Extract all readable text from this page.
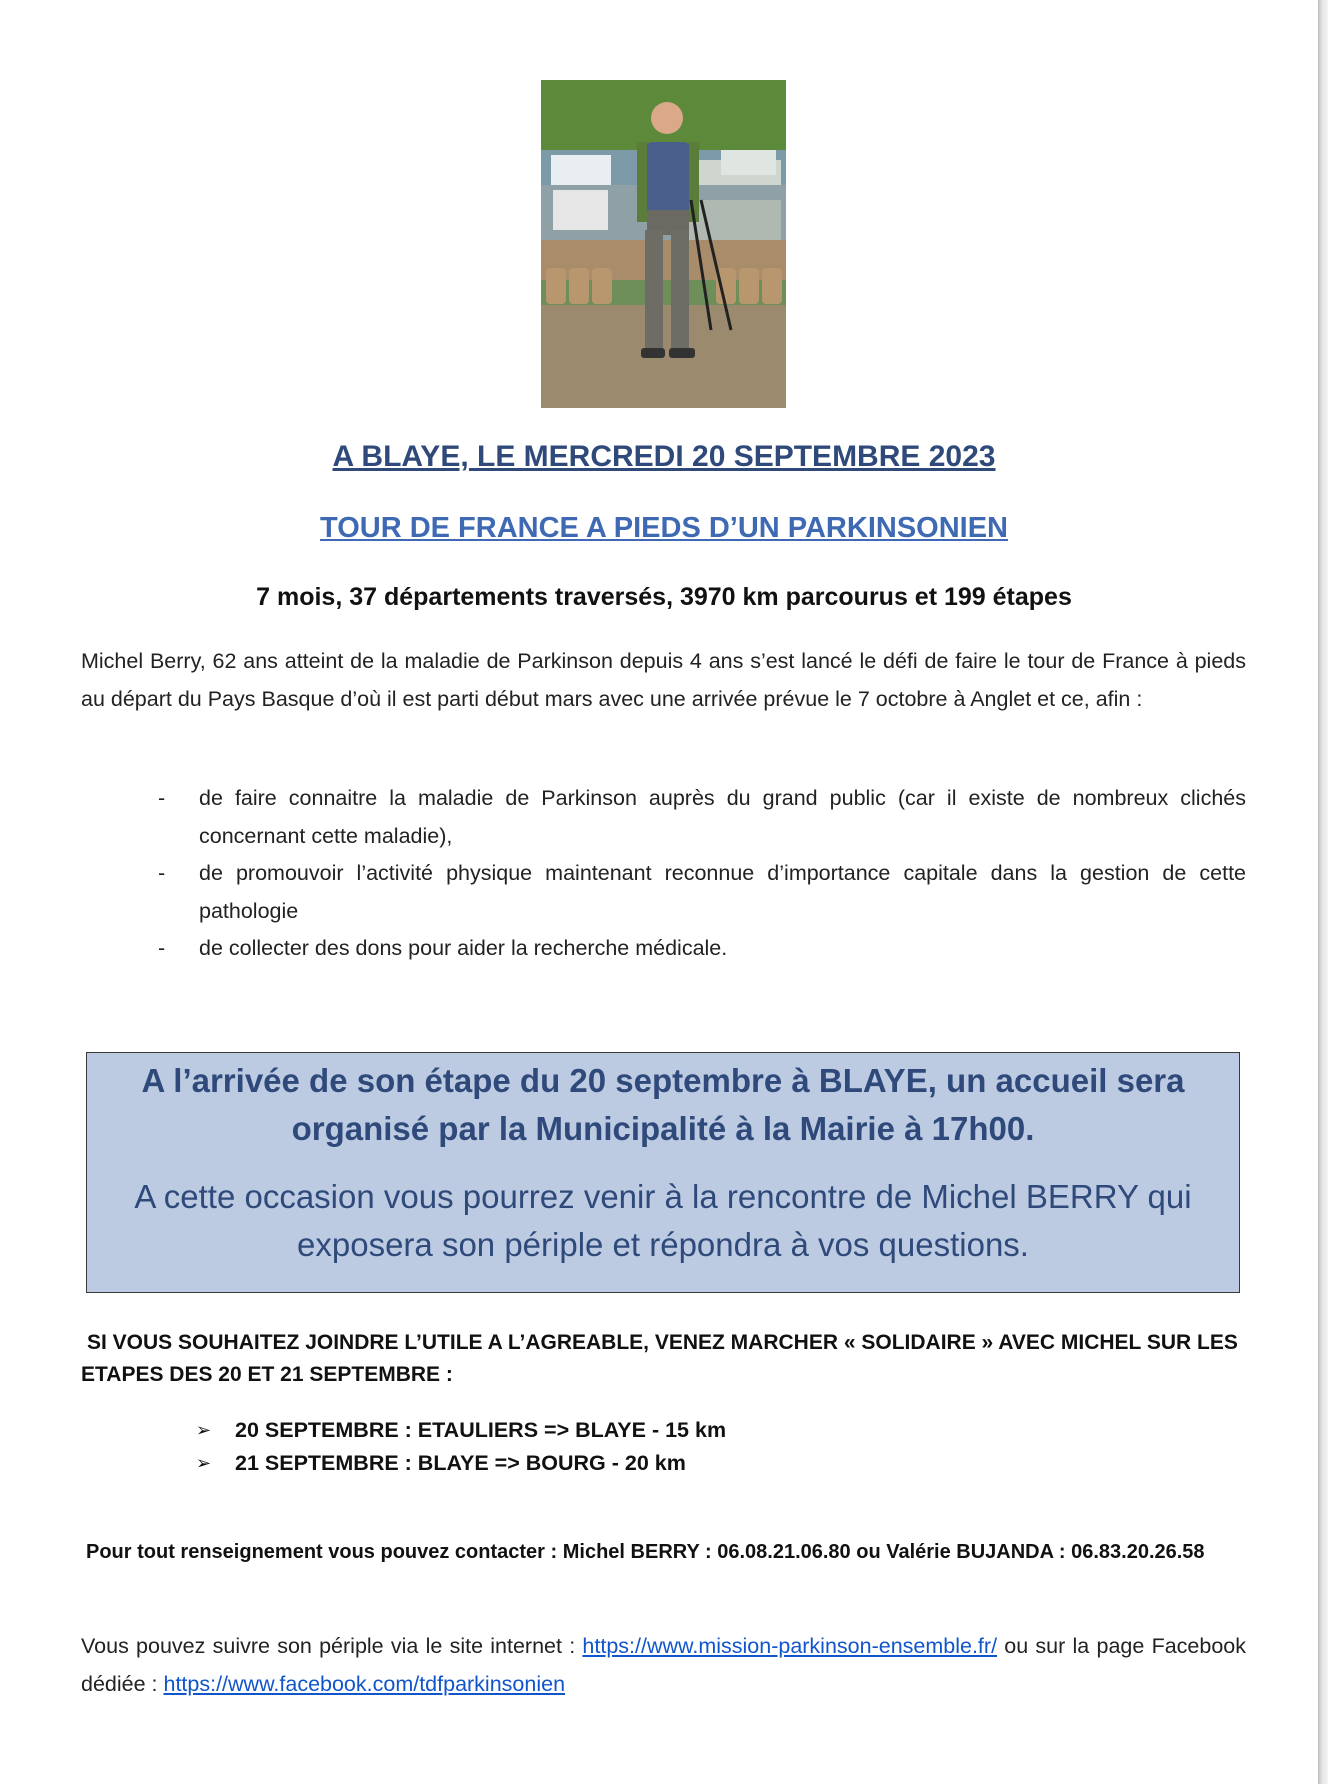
A BLAYE, LE MERCREDI 20 SEPTEMBRE 2023
TOUR DE FRANCE A PIEDS D’UN PARKINSONIEN
7 mois, 37 départements traversés, 3970 km parcourus et 199 étapes
Michel Berry, 62 ans atteint de la maladie de Parkinson depuis 4 ans s’est lancé le défi de faire le tour de France à pieds au départ du Pays Basque d’où il est parti début mars avec une arrivée prévue le 7 octobre à Anglet et ce, afin :
- de faire connaitre la maladie de Parkinson auprès du grand public (car il existe de nombreux clichés concernant cette maladie),
- de promouvoir l’activité physique maintenant reconnue d’importance capitale dans la gestion de cette pathologie
- de collecter des dons pour aider la recherche médicale.
A l’arrivée de son étape du 20 septembre à BLAYE, un accueil sera organisé par la Municipalité à la Mairie à 17h00.
A cette occasion vous pourrez venir à la rencontre de Michel BERRY qui exposera son périple et répondra à vos questions.
SI VOUS SOUHAITEZ JOINDRE L’UTILE A L’AGREABLE, VENEZ MARCHER « SOLIDAIRE » AVEC MICHEL SUR LES ETAPES DES 20 ET 21 SEPTEMBRE :
➢ 20 SEPTEMBRE : ETAULIERS => BLAYE - 15 km
➢ 21 SEPTEMBRE : BLAYE => BOURG - 20 km
Pour tout renseignement vous pouvez contacter : Michel BERRY : 06.08.21.06.80 ou Valérie BUJANDA : 06.83.20.26.58
Vous pouvez suivre son périple via le site internet : https://www.mission-parkinson-ensemble.fr/ ou sur la page Facebook dédiée : https://www.facebook.com/tdfparkinsonien
